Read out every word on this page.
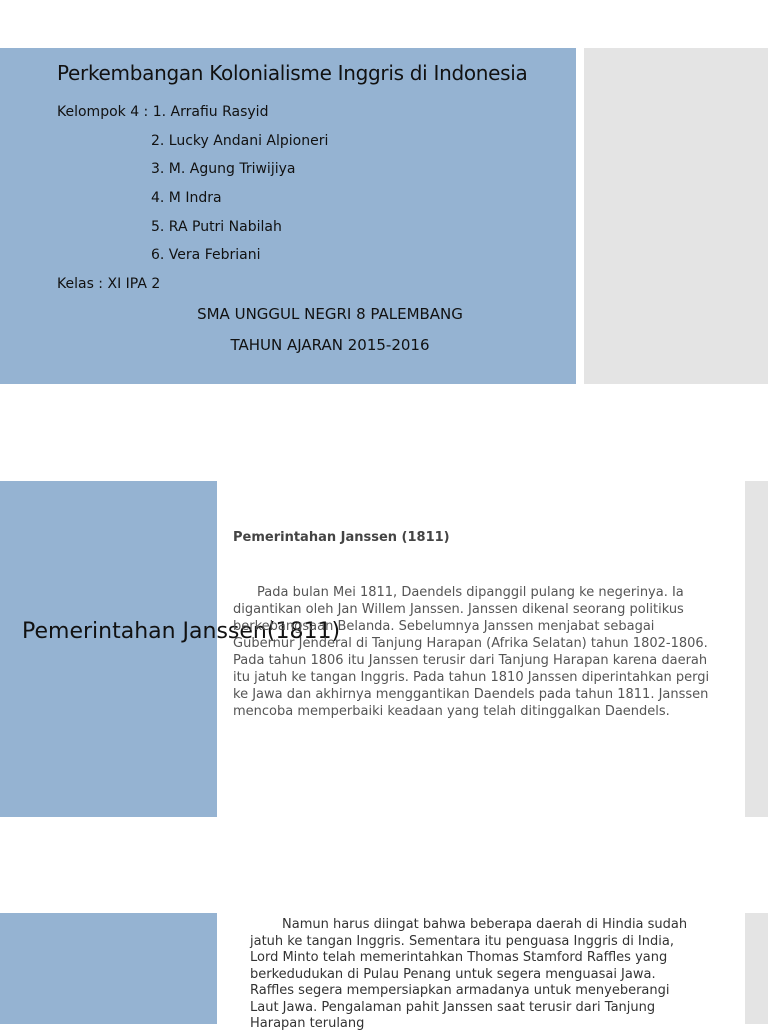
Perkembangan Kolonialisme Inggris di Indonesia
Kelompok 4 : 1. Arrafiu Rasyid
2. Lucky Andani Alpioneri
3. M. Agung Triwijiya
4. M Indra
5. RA Putri Nabilah
6. Vera Febriani
Kelas : XI IPA 2
SMA UNGGUL NEGRI 8 PALEMBANG
TAHUN AJARAN 2015-2016
Pemerintahan Janssen(1811)
Pemerintahan Janssen (1811)
Pada bulan Mei 1811, Daendels dipanggil pulang ke negerinya. Ia digantikan oleh Jan Willem Janssen. Janssen dikenal seorang politikus berkebangsaan Belanda. Sebelumnya Janssen menjabat sebagai Gubernur Jenderal di Tanjung Harapan (Afrika Selatan) tahun 1802-1806. Pada tahun 1806 itu Janssen terusir dari Tanjung Harapan karena daerah itu jatuh ke tangan Inggris. Pada tahun 1810 Janssen diperintahkan pergi ke Jawa dan akhirnya menggantikan Daendels pada tahun 1811. Janssen mencoba memperbaiki keadaan yang telah ditinggalkan Daendels.
Namun harus diingat bahwa beberapa daerah di Hindia sudah jatuh ke tangan Inggris. Sementara itu penguasa Inggris di India, Lord Minto telah memerintahkan Thomas Stamford Raffles yang berkedudukan di Pulau Penang untuk segera menguasai Jawa. Raffles segera mempersiapkan armadanya untuk menyeberangi Laut Jawa. Pengalaman pahit Janssen saat terusir dari Tanjung Harapan terulang
